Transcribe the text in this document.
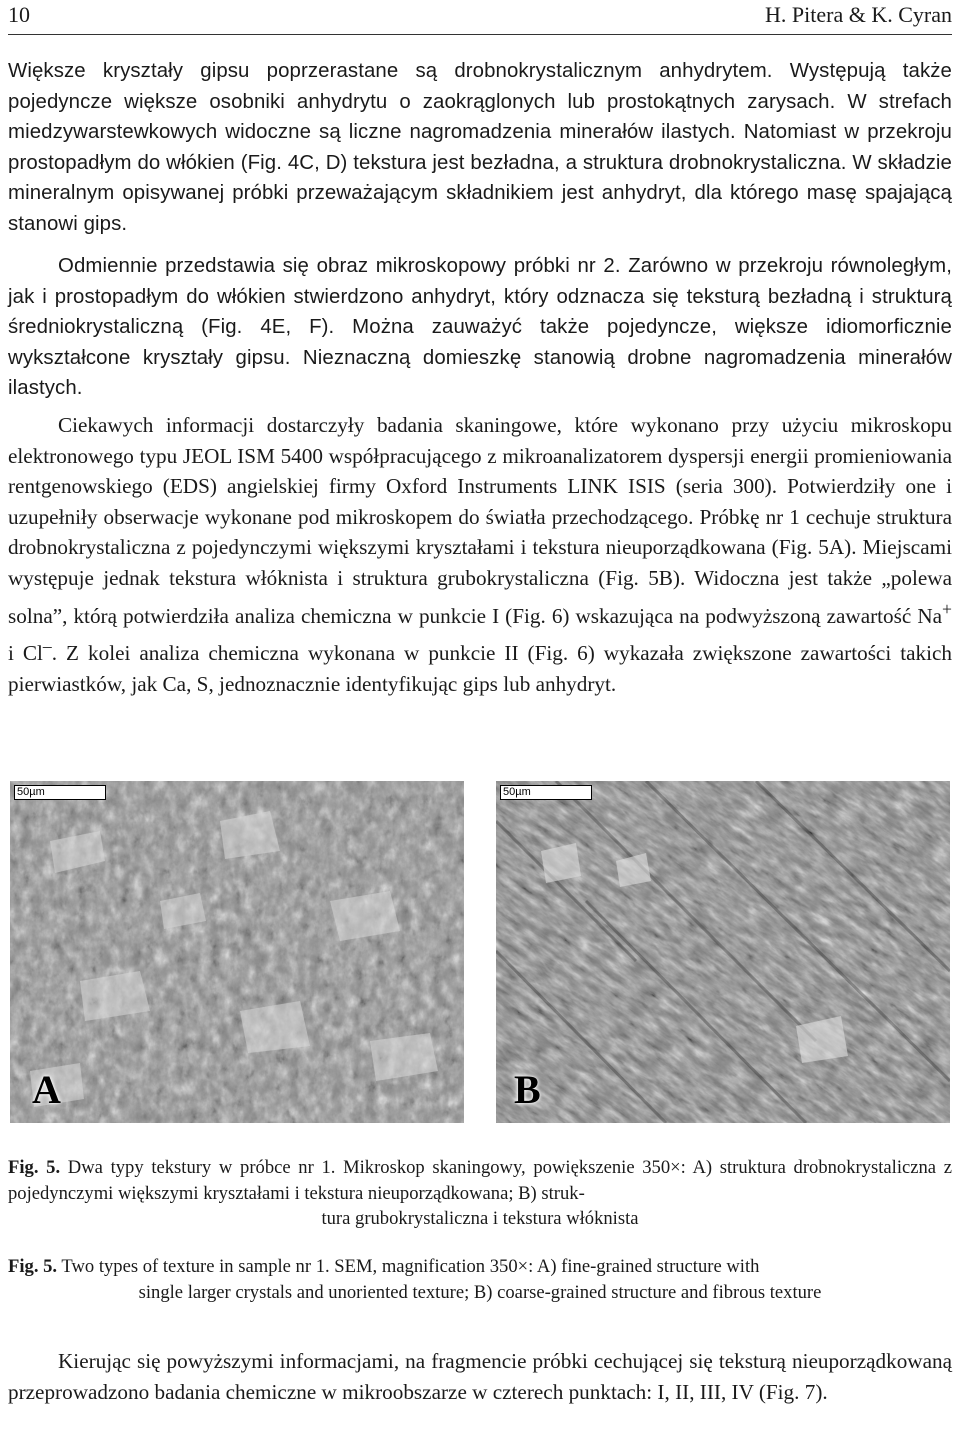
10	H. Pitera & K. Cyran

Większe kryształy gipsu poprzerastane są drobnokrystalicznym anhydrytem. Występują także pojedyncze większe osobniki anhydrytu o zaokrąglonych lub prostokątnych zarysach. W strefach miedzywarstewkowych widoczne są liczne nagromadzenia minerałów ilastych. Natomiast w przekroju prostopadłym do włókien (Fig. 4C, D) tekstura jest bezładna, a struktura drobnokrystaliczna. W składzie mineralnym opisywanej próbki przeważającym składnikiem jest anhydryt, dla którego masę spajającą stanowi gips.

Odmiennie przedstawia się obraz mikroskopowy próbki nr 2. Zarówno w przekroju równoległym, jak i prostopadłym do włókien stwierdzono anhydryt, który odznacza się teksturą bezładną i strukturą średniokrystaliczną (Fig. 4E, F). Można zauważyć także pojedyncze, większe idiomorficznie wykształcone kryształy gipsu. Nieznaczną domieszkę stanowią drobne nagromadzenia minerałów ilastych.

Ciekawych informacji dostarczyły badania skaningowe, które wykonano przy użyciu mikroskopu elektronowego typu JEOL ISM 5400 współpracującego z mikroanalizatorem dyspersji energii promieniowania rentgenowskiego (EDS) angielskiej firmy Oxford Instruments LINK ISIS (seria 300). Potwierdziły one i uzupełniły obserwacje wykonane pod mikroskopem do światła przechodzącego. Próbkę nr 1 cechuje struktura drobnokrystaliczna z pojedynczymi większymi kryształami i tekstura nieuporządkowana (Fig. 5A). Miejscami występuje jednak tekstura włóknista i struktura grubokrystaliczna (Fig. 5B). Widoczna jest także „polewa solna”, którą potwierdziła analiza chemiczna w punkcie I (Fig. 6) wskazująca na podwyższoną zawartość Na+ i Cl–. Z kolei analiza chemiczna wykonana w punkcie II (Fig. 6) wykazała zwiększone zawartości takich pierwiastków, jak Ca, S, jednoznacznie identyfikując gips lub anhydryt.

50µm
A
50µm
B

Fig. 5. Dwa typy tekstury w próbce nr 1. Mikroskop skaningowy, powiększenie 350×: A) struktura drobnokrystaliczna z pojedynczymi większymi kryształami i tekstura nieuporządkowana; B) struk-
tura grubokrystaliczna i tekstura włóknista

Fig. 5. Two types of texture in sample nr 1. SEM, magnification 350×: A) fine-grained structure with
single larger crystals and unoriented texture; B) coarse-grained structure and fibrous texture

Kierując się powyższymi informacjami, na fragmencie próbki cechującej się teksturą nieuporządkowaną przeprowadzono badania chemiczne w mikroobszarze w czterech punktach: I, II, III, IV (Fig. 7).
